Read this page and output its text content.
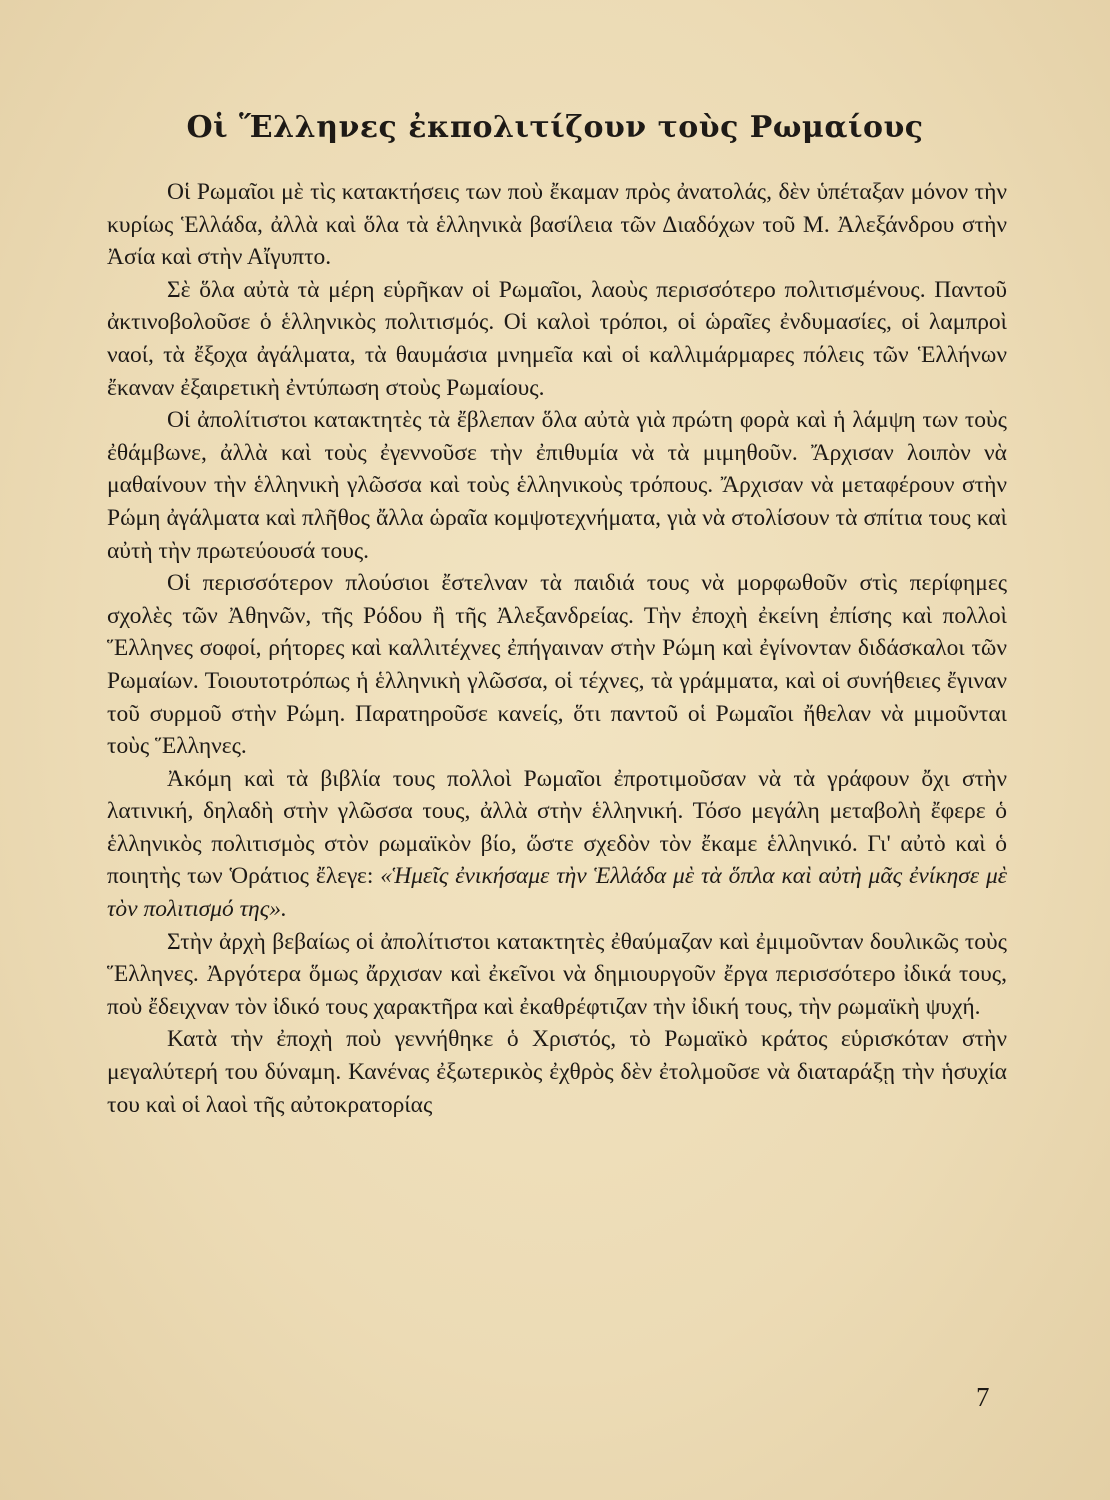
Οἱ Ἕλληνες ἐκπολιτίζουν τοὺς Ρωμαίους

Οἱ Ρωμαῖοι μὲ τὶς κατακτήσεις των ποὺ ἔκαμαν πρὸς ἀνατολάς, δὲν ὑπέταξαν μόνον τὴν κυρίως Ἑλλάδα, ἀλλὰ καὶ ὅλα τὰ ἑλληνικὰ βασίλεια τῶν Διαδόχων τοῦ Μ. Ἀλεξάνδρου στὴν Ἀσία καὶ στὴν Αἴγυπτο.

Σὲ ὅλα αὐτὰ τὰ μέρη εὑρῆκαν οἱ Ρωμαῖοι, λαοὺς περισσότερο πολιτισμένους. Παντοῦ ἀκτινοβολοῦσε ὁ ἑλληνικὸς πολιτισμός. Οἱ καλοὶ τρόποι, οἱ ὡραῖες ἐνδυμασίες, οἱ λαμπροὶ ναοί, τὰ ἔξοχα ἀγάλματα, τὰ θαυμάσια μνημεῖα καὶ οἱ καλλιμάρμαρες πόλεις τῶν Ἑλλήνων ἔκαναν ἐξαιρετικὴ ἐντύπωση στοὺς Ρωμαίους.

Οἱ ἀπολίτιστοι κατακτητὲς τὰ ἔβλεπαν ὅλα αὐτὰ γιὰ πρώτη φορὰ καὶ ἡ λάμψη των τοὺς ἐθάμβωνε, ἀλλὰ καὶ τοὺς ἐγεννοῦσε τὴν ἐπιθυμία νὰ τὰ μιμηθοῦν. Ἄρχισαν λοιπὸν νὰ μαθαίνουν τὴν ἑλληνικὴ γλῶσσα καὶ τοὺς ἑλληνικοὺς τρόπους. Ἄρχισαν νὰ μεταφέρουν στὴν Ρώμη ἀγάλματα καὶ πλῆθος ἄλλα ὡραῖα κομψοτεχνήματα, γιὰ νὰ στολίσουν τὰ σπίτια τους καὶ αὐτὴ τὴν πρωτεύουσά τους.

Οἱ περισσότερον πλούσιοι ἔστελναν τὰ παιδιά τους νὰ μορφωθοῦν στὶς περίφημες σχολὲς τῶν Ἀθηνῶν, τῆς Ρόδου ἢ τῆς Ἀλεξανδρείας. Τὴν ἐποχὴ ἐκείνη ἐπίσης καὶ πολλοὶ Ἕλληνες σοφοί, ρήτορες καὶ καλλιτέχνες ἐπήγαιναν στὴν Ρώμη καὶ ἐγίνονταν διδάσκαλοι τῶν Ρωμαίων. Τοιουτοτρόπως ἡ ἑλληνικὴ γλῶσσα, οἱ τέχνες, τὰ γράμματα, καὶ οἱ συνήθειες ἔγιναν τοῦ συρμοῦ στὴν Ρώμη. Παρατηροῦσε κανείς, ὅτι παντοῦ οἱ Ρωμαῖοι ἤθελαν νὰ μιμοῦνται τοὺς Ἕλληνες.

Ἀκόμη καὶ τὰ βιβλία τους πολλοὶ Ρωμαῖοι ἐπροτιμοῦσαν νὰ τὰ γράφουν ὄχι στὴν λατινική, δηλαδὴ στὴν γλῶσσα τους, ἀλλὰ στὴν ἑλληνική. Τόσο μεγάλη μεταβολὴ ἔφερε ὁ ἑλληνικὸς πολιτισμὸς στὸν ρωμαϊκὸν βίο, ὥστε σχεδὸν τὸν ἔκαμε ἑλληνικό. Γι' αὐτὸ καὶ ὁ ποιητὴς των Ὁράτιος ἔλεγε: «Ἡμεῖς ἐνικήσαμε τὴν Ἑλλάδα μὲ τὰ ὅπλα καὶ αὐτὴ μᾶς ἐνίκησε μὲ τὸν πολιτισμό της».

Στὴν ἀρχὴ βεβαίως οἱ ἀπολίτιστοι κατακτητὲς ἐθαύμαζαν καὶ ἐμιμοῦνταν δουλικῶς τοὺς Ἕλληνες. Ἀργότερα ὅμως ἄρχισαν καὶ ἐκεῖνοι νὰ δημιουργοῦν ἔργα περισσότερο ἰδικά τους, ποὺ ἔδειχναν τὸν ἰδικό τους χαρακτῆρα καὶ ἐκαθρέφτιζαν τὴν ἰδική τους, τὴν ρωμαϊκὴ ψυχή.

Κατὰ τὴν ἐποχὴ ποὺ γεννήθηκε ὁ Χριστός, τὸ Ρωμαϊκὸ κράτος εὑρισκόταν στὴν μεγαλύτερή του δύναμη. Κανένας ἐξωτερικὸς ἐχθρὸς δὲν ἐτολμοῦσε νὰ διαταράξῃ τὴν ἡσυχία του καὶ οἱ λαοὶ τῆς αὐτοκρατορίας

7
